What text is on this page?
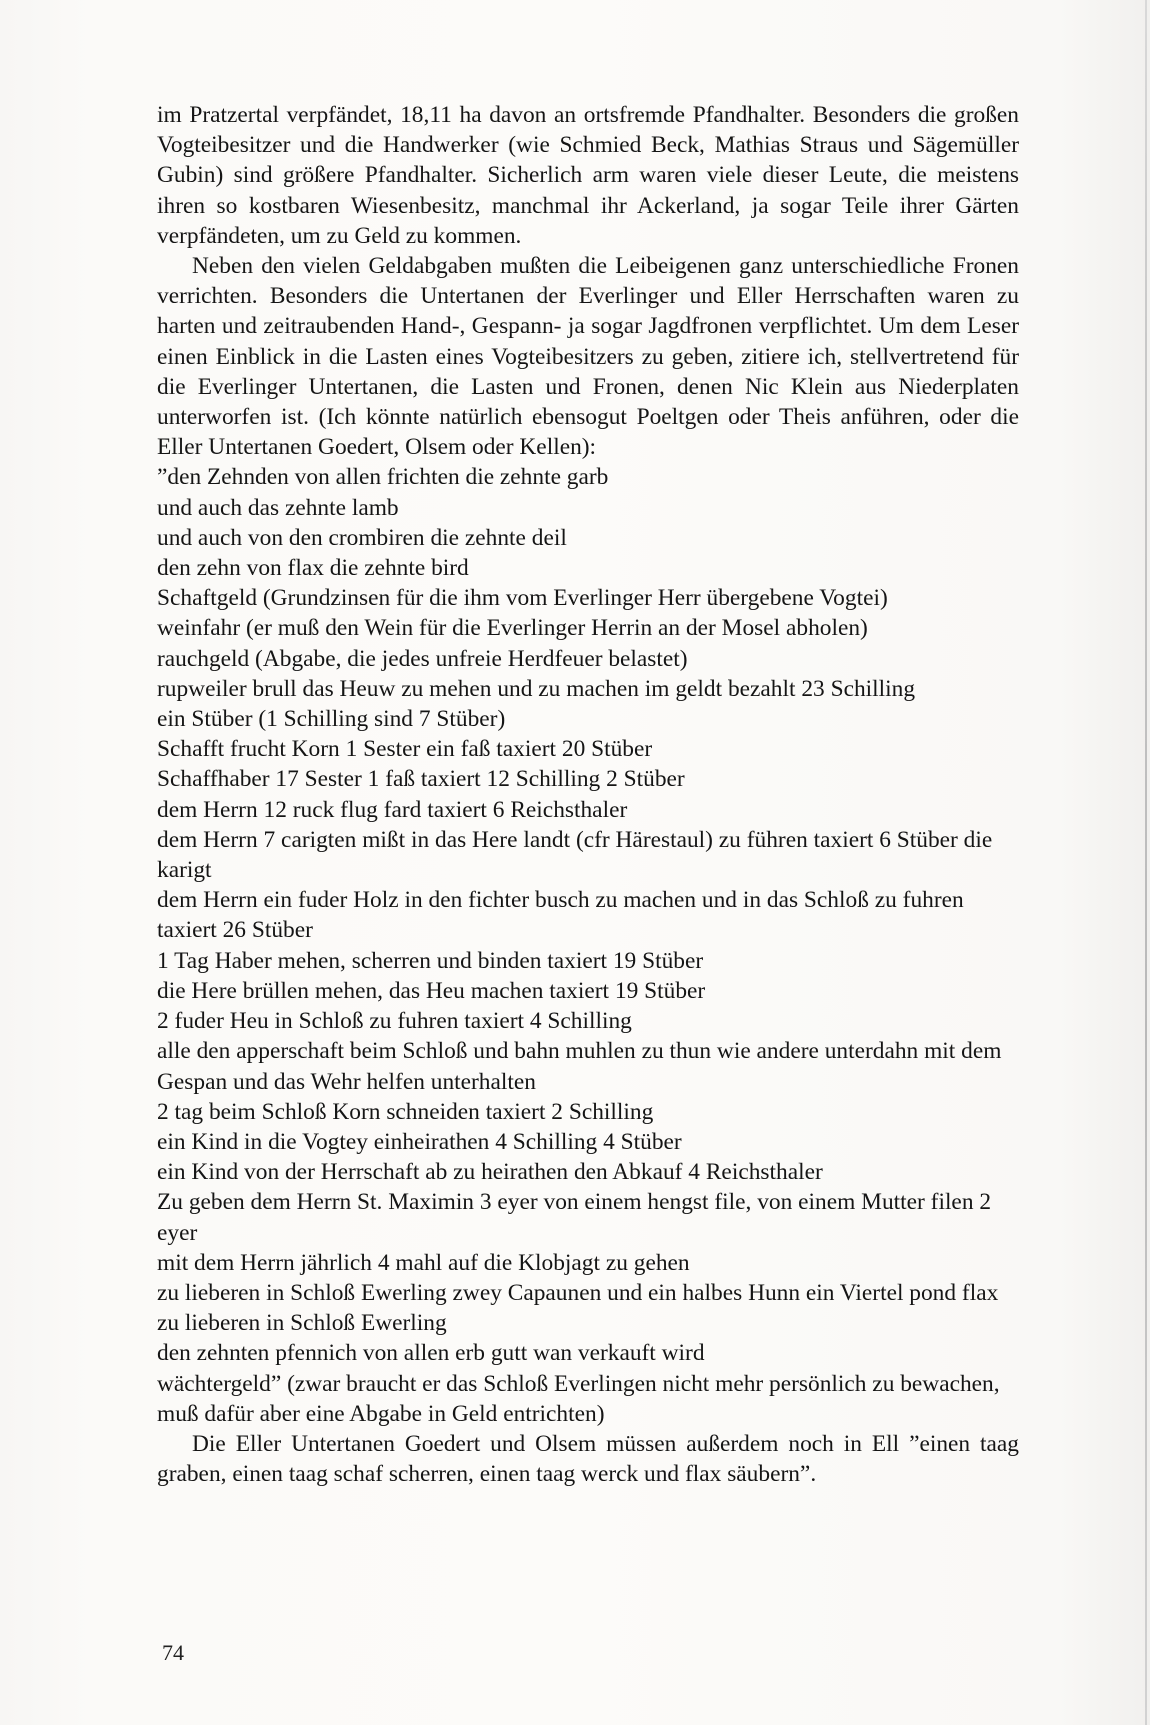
im Pratzertal verpfändet, 18,11 ha davon an ortsfremde Pfandhalter. Besonders die großen Vogteibesitzer und die Handwerker (wie Schmied Beck, Mathias Straus und Sägemüller Gubin) sind größere Pfandhalter. Sicherlich arm waren viele dieser Leute, die meistens ihren so kostbaren Wiesenbesitz, manchmal ihr Ackerland, ja sogar Teile ihrer Gärten verpfändeten, um zu Geld zu kommen.

Neben den vielen Geldabgaben mußten die Leibeigenen ganz unterschiedliche Fronen verrichten. Besonders die Untertanen der Everlinger und Eller Herrschaften waren zu harten und zeitraubenden Hand-, Gespann- ja sogar Jagdfronen verpflichtet. Um dem Leser einen Einblick in die Lasten eines Vogteibesitzers zu geben, zitiere ich, stellvertretend für die Everlinger Untertanen, die Lasten und Fronen, denen Nic Klein aus Niederplaten unterworfen ist. (Ich könnte natürlich ebensogut Poeltgen oder Theis anführen, oder die Eller Untertanen Goedert, Olsem oder Kellen):

”den Zehnden von allen frichten die zehnte garb
und auch das zehnte lamb
und auch von den crombiren die zehnte deil
den zehn von flax die zehnte bird
Schaftgeld (Grundzinsen für die ihm vom Everlinger Herr übergebene Vogtei)
weinfahr (er muß den Wein für die Everlinger Herrin an der Mosel abholen)
rauchgeld (Abgabe, die jedes unfreie Herdfeuer belastet)
rupweiler brull das Heuw zu mehen und zu machen im geldt bezahlt 23 Schilling
ein Stüber (1 Schilling sind 7 Stüber)
Schafft frucht Korn 1 Sester ein faß taxiert 20 Stüber
Schaffhaber 17 Sester 1 faß taxiert 12 Schilling 2 Stüber
dem Herrn 12 ruck flug fard taxiert 6 Reichsthaler
dem Herrn 7 carigten mißt in das Here landt (cfr Härestaul) zu führen taxiert 6 Stüber die karigt
dem Herrn ein fuder Holz in den fichter busch zu machen und in das Schloß zu fuhren taxiert 26 Stüber
1 Tag Haber mehen, scherren und binden taxiert 19 Stüber
die Here brüllen mehen, das Heu machen taxiert 19 Stüber
2 fuder Heu in Schloß zu fuhren taxiert 4 Schilling
alle den apperschaft beim Schloß und bahn muhlen zu thun wie andere unterdahn mit dem Gespan und das Wehr helfen unterhalten
2 tag beim Schloß Korn schneiden taxiert 2 Schilling
ein Kind in die Vogtey einheirathen 4 Schilling 4 Stüber
ein Kind von der Herrschaft ab zu heirathen den Abkauf 4 Reichsthaler
Zu geben dem Herrn St. Maximin 3 eyer von einem hengst file, von einem Mutter filen 2 eyer
mit dem Herrn jährlich 4 mahl auf die Klobjagt zu gehen
zu lieberen in Schloß Ewerling zwey Capaunen und ein halbes Hunn ein Viertel pond flax zu lieberen in Schloß Ewerling
den zehnten pfennich von allen erb gutt wan verkauft wird
wächtergeld” (zwar braucht er das Schloß Everlingen nicht mehr persönlich zu bewachen, muß dafür aber eine Abgabe in Geld entrichten)

Die Eller Untertanen Goedert und Olsem müssen außerdem noch in Ell ”einen taag graben, einen taag schaf scherren, einen taag werck und flax säubern”.

74
